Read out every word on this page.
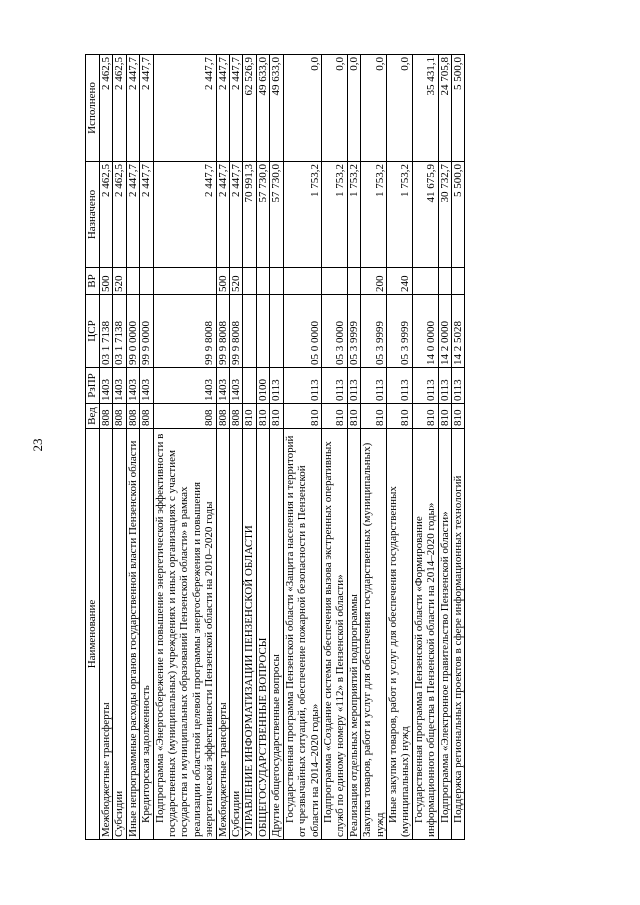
23
Наименование	Вед	РзПР	ЦСР	ВР	Назначено	Исполнено
Межбюджетные трансферты	808	1403	03 1 7138	500	2 462,5	2 462,5
Субсидии	808	1403	03 1 7138	520	2 462,5	2 462,5
Иные непрограммные расходы органов государственной власти Пензенской области	808	1403	99 0 0000		2 447,7	2 447,7
Кредиторская задолженность	808	1403	99 9 0000		2 447,7	2 447,7
Подпрограмма «Энергосбережение и повышение энергетической эффективности в государственных (муниципальных) учреждениях и иных организациях с участием государства и муниципальных образований Пензенской области» в рамках реализации областной целевой программы энергосбережения и повышения энергетической эффективности Пензенской области на 2010–2020 годы	808	1403	99 9 8008		2 447,7	2 447,7
Межбюджетные трансферты	808	1403	99 9 8008	500	2 447,7	2 447,7
Субсидии	808	1403	99 9 8008	520	2 447,7	2 447,7
УПРАВЛЕНИЕ ИНФОРМАТИЗАЦИИ ПЕНЗЕНСКОЙ ОБЛАСТИ	810				70 991,3	62 526,9
ОБЩЕГОСУДАРСТВЕННЫЕ ВОПРОСЫ	810	0100			57 730,0	49 633,0
Другие общегосударственные вопросы	810	0113			57 730,0	49 633,0
Государственная программа Пензенской области «Защита населения и территорий от чрезвычайных ситуаций, обеспечение пожарной безопасности в Пензенской области на 2014–2020 годы»	810	0113	05 0 0000		1 753,2	0,0
Подпрограмма «Создание системы обеспечения вызова экстренных оперативных служб по единому номеру «112» в Пензенской области»	810	0113	05 3 0000		1 753,2	0,0
Реализация отдельных мероприятий подпрограммы	810	0113	05 3 9999		1 753,2	0,0
Закупка товаров, работ и услуг для обеспечения государственных (муниципальных) нужд	810	0113	05 3 9999	200	1 753,2	0,0
Иные закупки товаров, работ и услуг для обеспечения государственных (муниципальных) нужд	810	0113	05 3 9999	240	1 753,2	0,0
Государственная программа Пензенской области «Формирование информационного общества в Пензенской области на 2014–2020 годы»	810	0113	14 0 0000		41 675,9	35 431,1
Подпрограмма «Электронное правительство Пензенской области»	810	0113	14 2 0000		30 732,7	24 705,8
Поддержка региональных проектов в сфере информационных технологий	810	0113	14 2 5028		5 500,0	5 500,0
